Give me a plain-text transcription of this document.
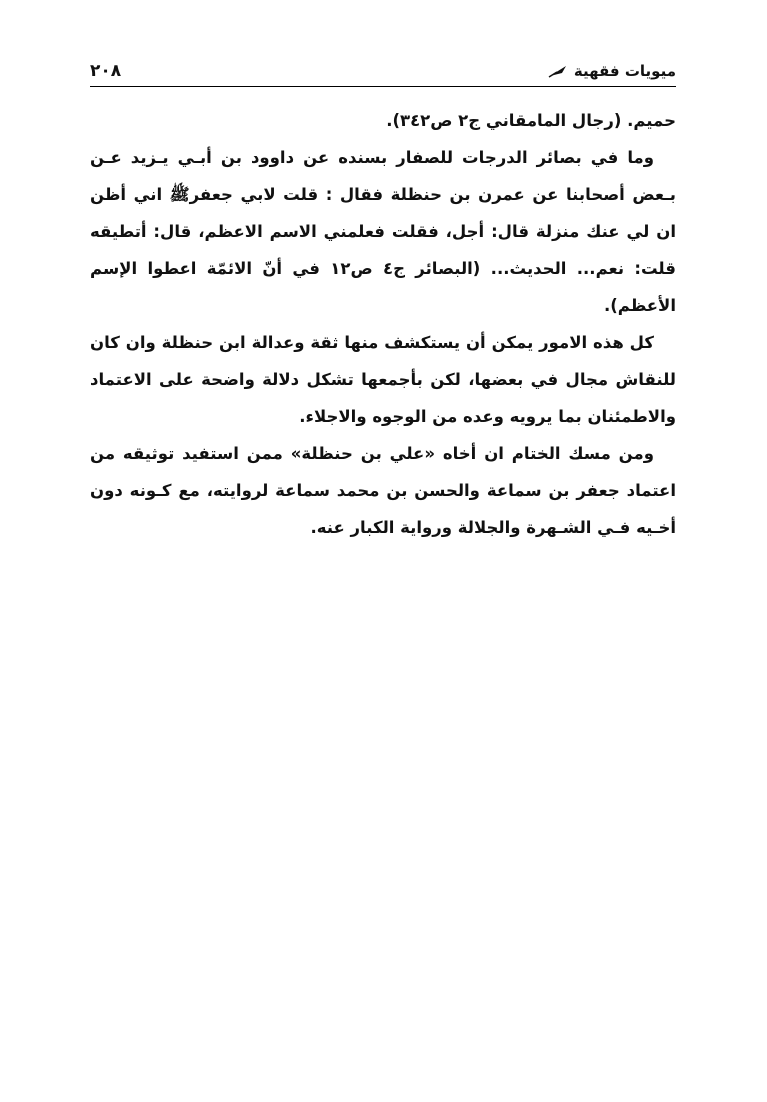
٢٠٨	ميويات فقهية

حميم. (رجال المامقاني ج٢ ص٣٤٢).

وما في بصائر الدرجات للصفار بسنده عن داوود بن أبـي يـزيد عـن بـعض أصحابنا عن عمرن بن حنظلة فقال : قلت لابي جعفرﷺ اني أظن ان لي عنك منزلة قال: أجل، فقلت فعلمني الاسم الاعظم، قال: أتطيقه قلت: نعم... الحديث... (البصائر ج٤ ص١٢ في أنّ الائمّة اعطوا الإسم الأعظم).

كل هذه الامور يمكن أن يستكشف منها ثقة وعدالة ابن حنظلة وان كان للنقاش مجال في بعضها، لكن بأجمعها تشكل دلالة واضحة على الاعتماد والاطمئنان بما يرويه وعده من الوجوه والاجلاء.

ومن مسك الختام ان أخاه «علي بن حنظلة» ممن استفيد توثيقه من اعتماد جعفر بن سماعة والحسن بن محمد سماعة لروايته، مع كـونه دون أخـيه فـي الشـهرة والجلالة ورواية الكبار عنه.
